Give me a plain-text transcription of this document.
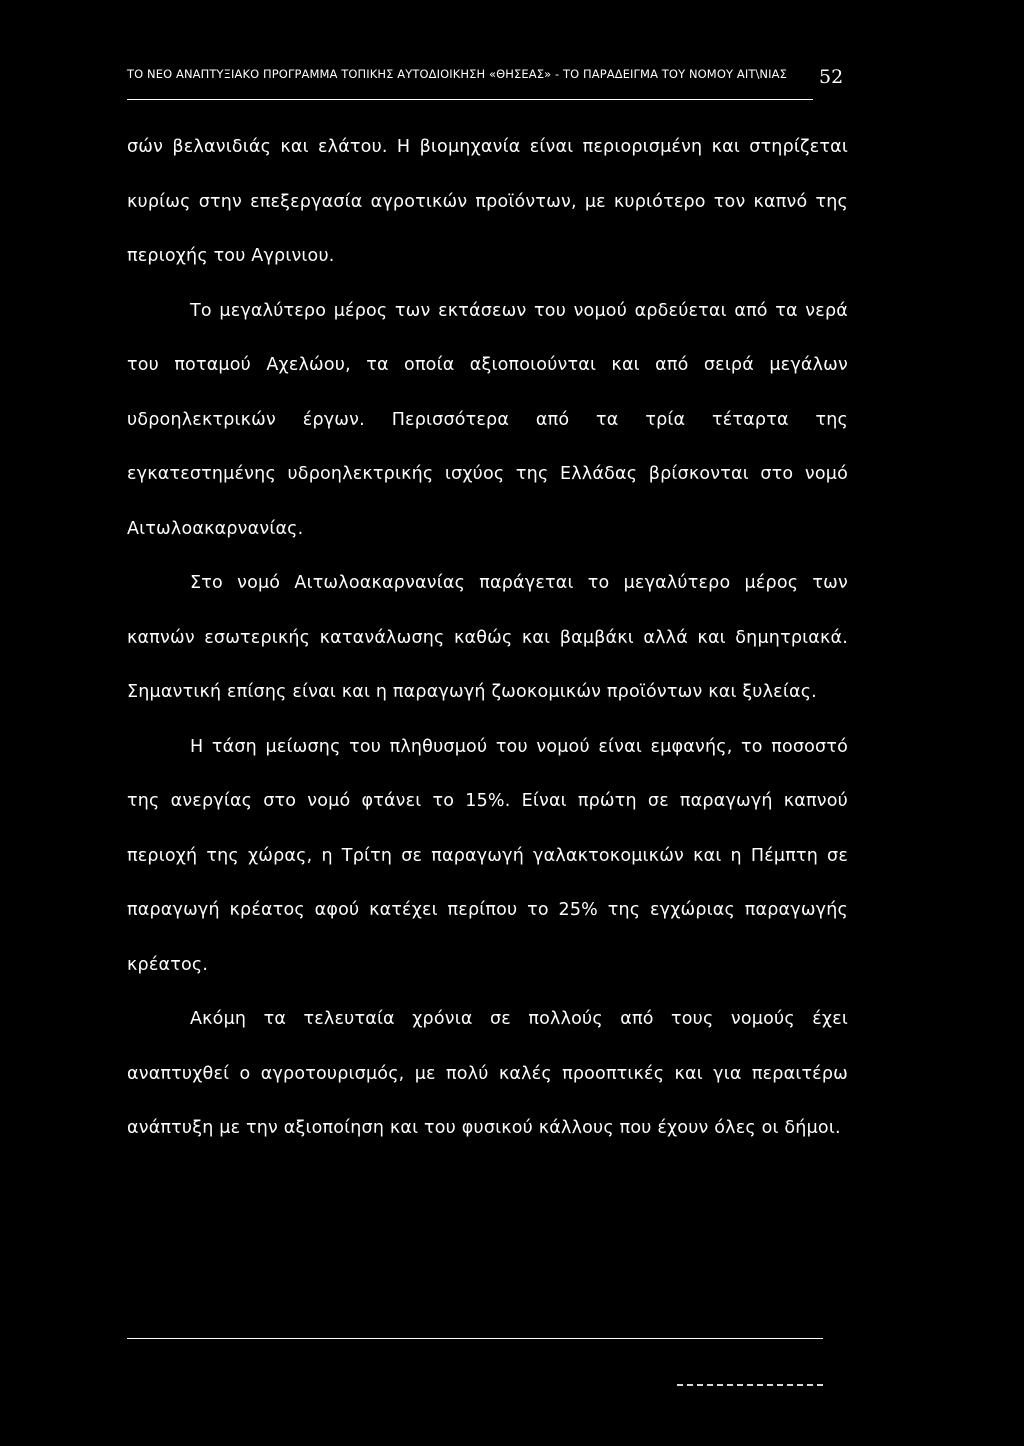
ΤΟ ΝΕΟ ΑΝΑΠΤΥΞΙΑΚΟ ΠΡΟΓΡΑΜΜΑ ΤΟΠΙΚΗΣ ΑΥΤΟΔΙΟΙΚΗΣΗ «ΘΗΣΕΑΣ» - ΤΟ ΠΑΡΑΔΕΙΓΜΑ ΤΟΥ ΝΟΜΟΥ ΑΙΤ\ΝΙΑΣ	52

σών βελανιδιάς και ελάτου. Η βιομηχανία είναι περιορισμένη και στηρίζεται κυρίως στην επεξεργασία αγροτικών προϊόντων, με κυριότερο τον καπνό της περιοχής του Αγρινιου.

Το μεγαλύτερο μέρος των εκτάσεων του νομού αρδεύεται από τα νερά του ποταμού Αχελώου, τα οποία αξιοποιούνται και από σειρά μεγάλων υδροηλεκτρικών έργων. Περισσότερα από τα τρία τέταρτα της εγκατεστημένης υδροηλεκτρικής ισχύος της Ελλάδας βρίσκονται στο νομό Αιτωλοακαρνανίας.

Στο νομό Αιτωλοακαρνανίας παράγεται το μεγαλύτερο μέρος των καπνών εσωτερικής κατανάλωσης καθώς και βαμβάκι αλλά και δημητριακά. Σημαντική επίσης είναι και η παραγωγή ζωοκομικών προϊόντων και ξυλείας.

Η τάση μείωσης του πληθυσμού του νομού είναι εμφανής, το ποσοστό της ανεργίας στο νομό φτάνει το 15%. Είναι πρώτη σε παραγωγή καπνού περιοχή της χώρας, η Τρίτη σε παραγωγή γαλακτοκομικών και η Πέμπτη σε παραγωγή κρέατος αφού κατέχει περίπου το 25% της εγχώριας παραγωγής κρέατος.

Ακόμη τα τελευταία χρόνια σε πολλούς από τους νομούς έχει αναπτυχθεί ο αγροτουρισμός, με πολύ καλές προοπτικές και για περαιτέρω ανάπτυξη με την αξιοποίηση και του φυσικού κάλλους που έχουν όλες οι δήμοι.
